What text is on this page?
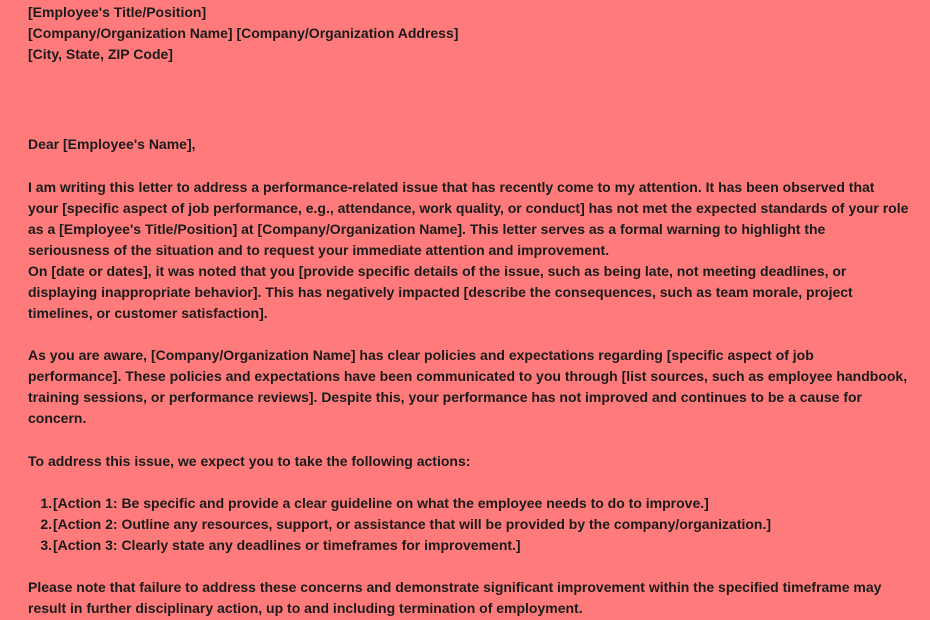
[Employee's Title/Position]

[Company/Organization Name] [Company/Organization Address]

[City, State, ZIP Code]

Dear [Employee's Name],

I am writing this letter to address a performance-related issue that has recently come to my attention. It has been observed that

your [specific aspect of job performance, e.g., attendance, work quality, or conduct] has not met the expected standards of your role

as a [Employee's Title/Position] at [Company/Organization Name]. This letter serves as a formal warning to highlight the

seriousness of the situation and to request your immediate attention and improvement.

On [date or dates], it was noted that you [provide specific details of the issue, such as being late, not meeting deadlines, or

displaying inappropriate behavior]. This has negatively impacted [describe the consequences, such as team morale, project

timelines, or customer satisfaction].

As you are aware, [Company/Organization Name] has clear policies and expectations regarding [specific aspect of job

performance]. These policies and expectations have been communicated to you through [list sources, such as employee handbook,

training sessions, or performance reviews]. Despite this, your performance has not improved and continues to be a cause for

concern.

To address this issue, we expect you to take the following actions:

1.[Action 1: Be specific and provide a clear guideline on what the employee needs to do to improve.]

2.[Action 2: Outline any resources, support, or assistance that will be provided by the company/organization.]

3.[Action 3: Clearly state any deadlines or timeframes for improvement.]

Please note that failure to address these concerns and demonstrate significant improvement within the specified timeframe may

result in further disciplinary action, up to and including termination of employment.
